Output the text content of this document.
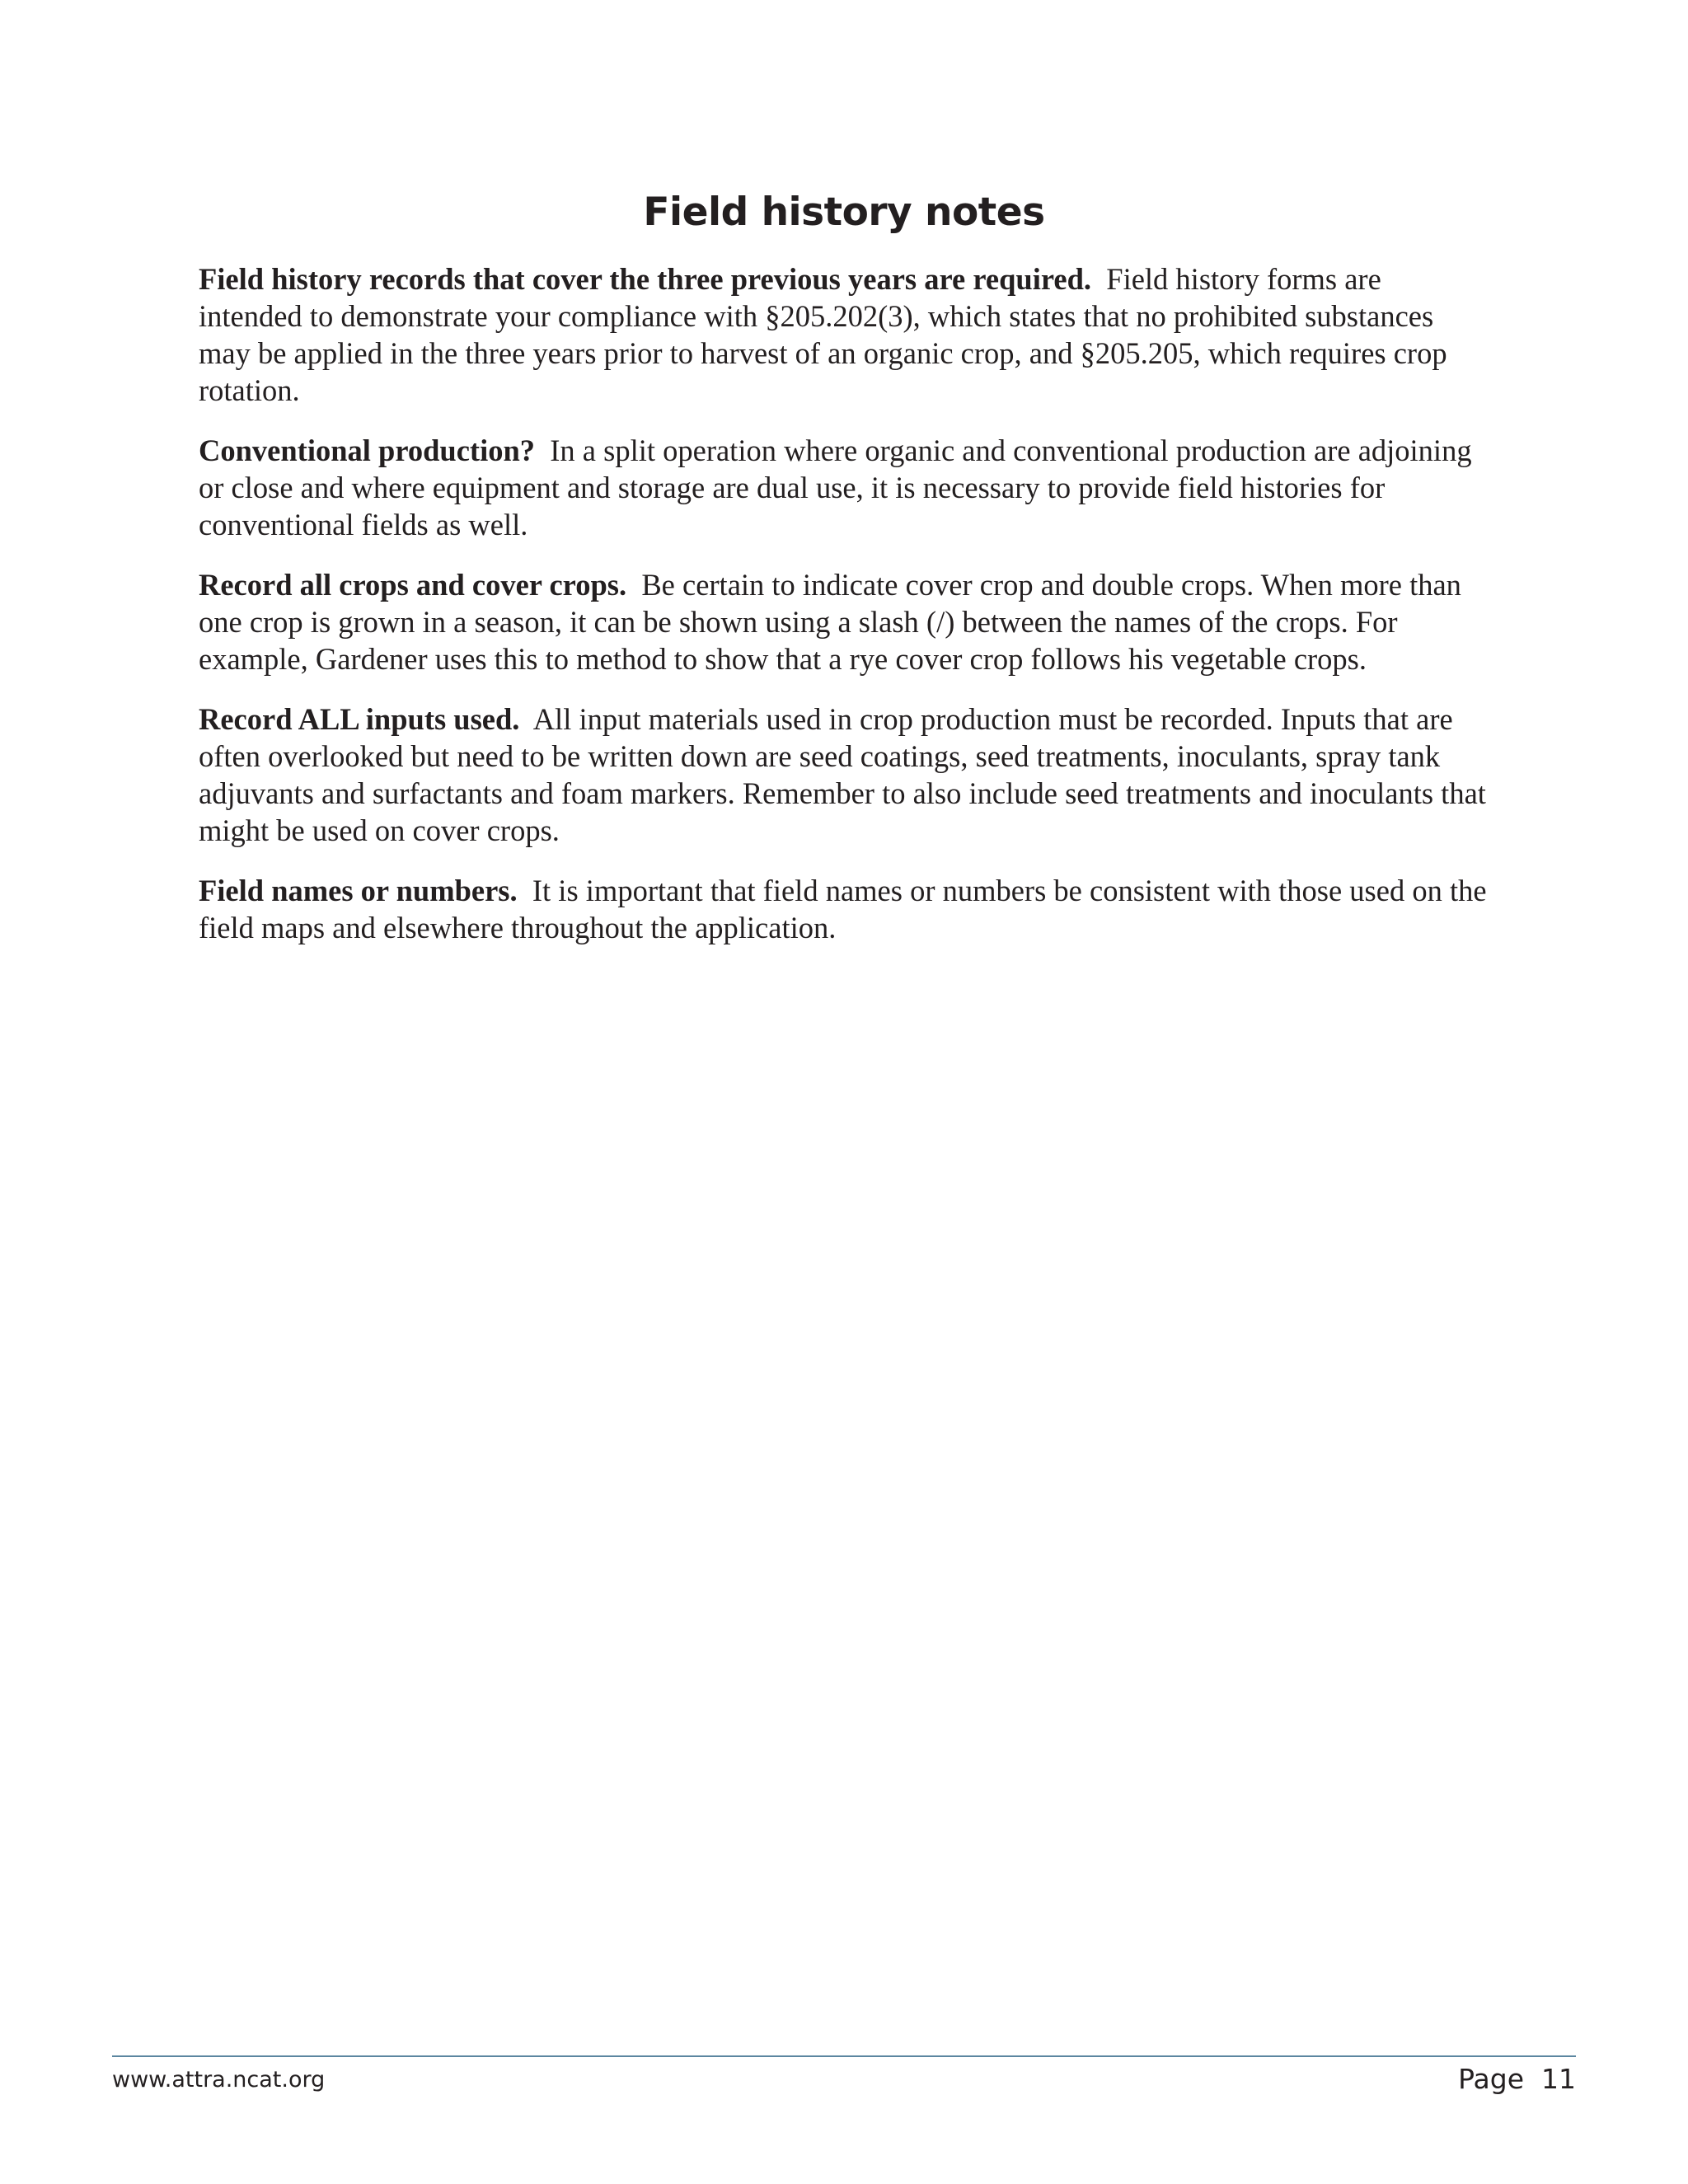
Field history notes

Field history records that cover the three previous years are required. Field history forms are intended to demonstrate your compliance with §205.202(3), which states that no prohibited substances may be applied in the three years prior to harvest of an organic crop, and §205.205, which requires crop rotation.

Conventional production? In a split operation where organic and conventional production are adjoining or close and where equipment and storage are dual use, it is necessary to provide field histories for conventional fields as well.

Record all crops and cover crops. Be certain to indicate cover crop and double crops. When more than one crop is grown in a season, it can be shown using a slash (/) between the names of the crops. For example, Gardener uses this to method to show that a rye cover crop follows his vegetable crops.

Record ALL inputs used. All input materials used in crop production must be recorded. Inputs that are often overlooked but need to be written down are seed coatings, seed treatments, inoculants, spray tank adjuvants and surfactants and foam markers. Remember to also include seed treatments and inoculants that might be used on cover crops.

Field names or numbers. It is important that field names or numbers be consistent with those used on the field maps and elsewhere throughout the application.

www.attra.ncat.org	Page  11
